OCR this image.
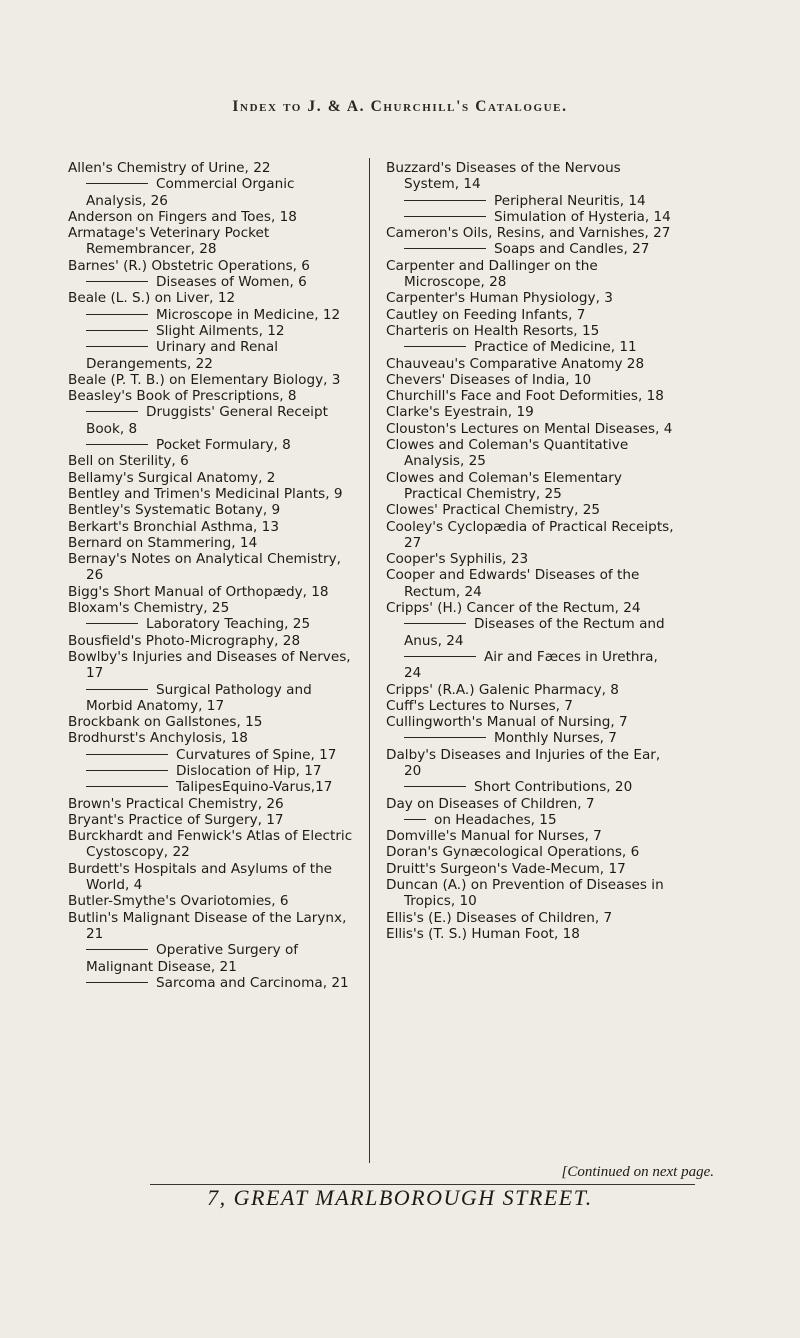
Index to J. & A. Churchill's Catalogue.

Allen's Chemistry of Urine, 22

Commercial Organic Analysis, 26

Anderson on Fingers and Toes, 18

Armatage's Veterinary Pocket Remembrancer, 28

Barnes' (R.) Obstetric Operations, 6

Diseases of Women, 6

Beale (L. S.) on Liver, 12

Microscope in Medicine, 12

Slight Ailments, 12

Urinary and Renal Derangements, 22

Beale (P. T. B.) on Elementary Biology, 3

Beasley's Book of Prescriptions, 8

Druggists' General Receipt Book, 8

Pocket Formulary, 8

Bell on Sterility, 6

Bellamy's Surgical Anatomy, 2

Bentley and Trimen's Medicinal Plants, 9

Bentley's Systematic Botany, 9

Berkart's Bronchial Asthma, 13

Bernard on Stammering, 14

Bernay's Notes on Analytical Chemistry, 26

Bigg's Short Manual of Orthopædy, 18

Bloxam's Chemistry, 25

Laboratory Teaching, 25

Bousfield's Photo-Micrography, 28

Bowlby's Injuries and Diseases of Nerves, 17

Surgical Pathology and Morbid Anatomy, 17

Brockbank on Gallstones, 15

Brodhurst's Anchylosis, 18

Curvatures of Spine, 17

Dislocation of Hip, 17

TalipesEquino-Varus,17

Brown's Practical Chemistry, 26

Bryant's Practice of Surgery, 17

Burckhardt and Fenwick's Atlas of Electric Cystoscopy, 22

Burdett's Hospitals and Asylums of the World, 4

Butler-Smythe's Ovariotomies, 6

Butlin's Malignant Disease of the Larynx, 21

Operative Surgery of Malignant Disease, 21

Sarcoma and Carcinoma, 21

Buzzard's Diseases of the Nervous System, 14

Peripheral Neuritis, 14

Simulation of Hysteria, 14

Cameron's Oils, Resins, and Varnishes, 27

Soaps and Candles, 27

Carpenter and Dallinger on the Microscope, 28

Carpenter's Human Physiology, 3

Cautley on Feeding Infants, 7

Charteris on Health Resorts, 15

Practice of Medicine, 11

Chauveau's Comparative Anatomy 28

Chevers' Diseases of India, 10

Churchill's Face and Foot Deformities, 18

Clarke's Eyestrain, 19

Clouston's Lectures on Mental Diseases, 4

Clowes and Coleman's Quantitative Analysis, 25

Clowes and Coleman's Elementary Practical Chemistry, 25

Clowes' Practical Chemistry, 25

Cooley's Cyclopædia of Practical Receipts, 27

Cooper's Syphilis, 23

Cooper and Edwards' Diseases of the Rectum, 24

Cripps' (H.) Cancer of the Rectum, 24

Diseases of the Rectum and Anus, 24

Air and Fæces in Urethra, 24

Cripps' (R.A.) Galenic Pharmacy, 8

Cuff's Lectures to Nurses, 7

Cullingworth's Manual of Nursing, 7

Monthly Nurses, 7

Dalby's Diseases and Injuries of the Ear, 20

Short Contributions, 20

Day on Diseases of Children, 7

on Headaches, 15

Domville's Manual for Nurses, 7

Doran's Gynæcological Operations, 6

Druitt's Surgeon's Vade-Mecum, 17

Duncan (A.) on Prevention of Diseases in Tropics, 10

Ellis's (E.) Diseases of Children, 7

Ellis's (T. S.) Human Foot, 18

[Continued on next page.
7, GREAT MARLBOROUGH STREET.
